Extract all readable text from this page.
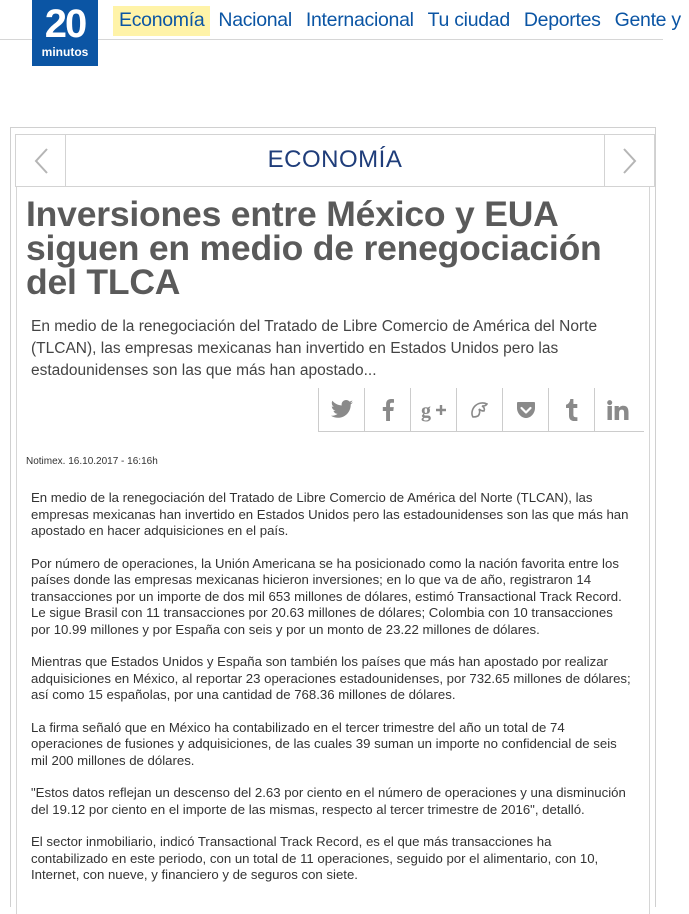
20
minutos
Economía Nacional Internacional Tu ciudad Deportes Gente y
ECONOMÍA
Inversiones entre México y EUA siguen en medio de renegociación del TLCA

En medio de la renegociación del Tratado de Libre Comercio de América del Norte (TLCAN), las empresas mexicanas han invertido en Estados Unidos pero las estadounidenses son las que más han apostado...

g
Notimex. 16.10.2017 - 16:16h

En medio de la renegociación del Tratado de Libre Comercio de América del Norte (TLCAN), las empresas mexicanas han invertido en Estados Unidos pero las estadounidenses son las que más han apostado en hacer adquisiciones en el país.

Por número de operaciones, la Unión Americana se ha posicionado como la nación favorita entre los países donde las empresas mexicanas hicieron inversiones; en lo que va de año, registraron 14 transacciones por un importe de dos mil 653 millones de dólares, estimó Transactional Track Record. Le sigue Brasil con 11 transacciones por 20.63 millones de dólares; Colombia con 10 transacciones por 10.99 millones y por España con seis y por un monto de 23.22 millones de dólares.

Mientras que Estados Unidos y España son también los países que más han apostado por realizar adquisiciones en México, al reportar 23 operaciones estadounidenses, por 732.65 millones de dólares; así como 15 españolas, por una cantidad de 768.36 millones de dólares.

La firma señaló que en México ha contabilizado en el tercer trimestre del año un total de 74 operaciones de fusiones y adquisiciones, de las cuales 39 suman un importe no confidencial de seis mil 200 millones de dólares.

"Estos datos reflejan un descenso del 2.63 por ciento en el número de operaciones y una disminución del 19.12 por ciento en el importe de las mismas, respecto al tercer trimestre de 2016", detalló.

El sector inmobiliario, indicó Transactional Track Record, es el que más transacciones ha contabilizado en este periodo, con un total de 11 operaciones, seguido por el alimentario, con 10, Internet, con nueve, y financiero y de seguros con siete.
